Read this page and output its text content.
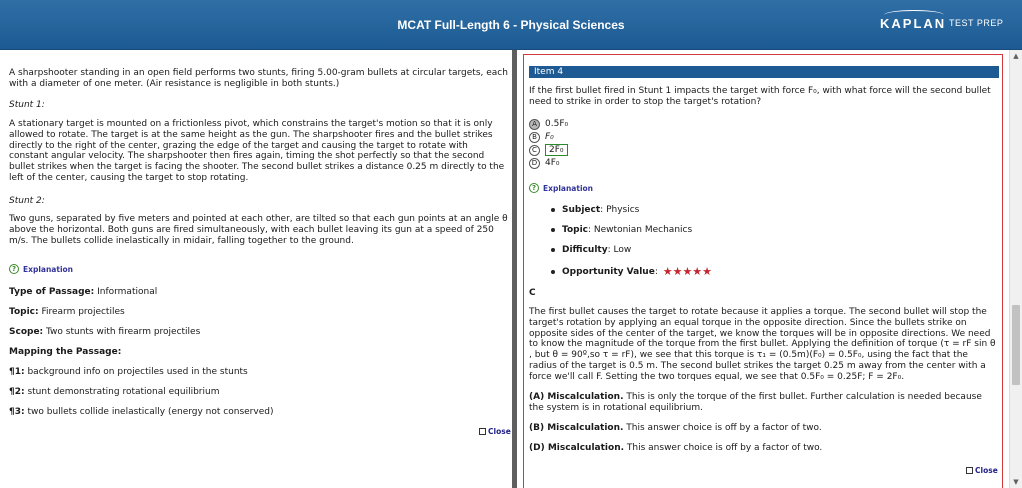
MCAT Full-Length 6 - Physical Sciences	KAPLAN TEST PREP

A sharpshooter standing in an open field performs two stunts, firing 5.00-gram bullets at circular targets, each with a diameter of one meter. (Air resistance is negligible in both stunts.)

Stunt 1:

A stationary target is mounted on a frictionless pivot, which constrains the target's motion so that it is only allowed to rotate. The target is at the same height as the gun. The sharpshooter fires and the bullet strikes directly to the right of the center, grazing the edge of the target and causing the target to rotate with constant angular velocity. The sharpshooter then fires again, timing the shot perfectly so that the second bullet strikes when the target is facing the shooter. The second bullet strikes a distance 0.25 m directly to the left of the center, causing the target to stop rotating.

Stunt 2:

Two guns, separated by five meters and pointed at each other, are tilted so that each gun points at an angle θ above the horizontal. Both guns are fired simultaneously, with each bullet leaving its gun at a speed of 250 m/s. The bullets collide inelastically in midair, falling together to the ground.

? Explanation
Type of Passage: Informational
Topic: Firearm projectiles
Scope: Two stunts with firearm projectiles
Mapping the Passage:
¶1: background info on projectiles used in the stunts
¶2: stunt demonstrating rotational equilibrium
¶3: two bullets collide inelastically (energy not conserved)
Close
Item 4

If the first bullet fired in Stunt 1 impacts the target with force F₀, with what force will the second bullet need to strike in order to stop the target's rotation?

A 0.5F₀
B F₀
C	2F₀
D 4F₀
? Explanation
Subject : Physics
Topic : Newtonian Mechanics
Difficulty : Low
Opportunity Value : ★★★★★
C

The first bullet causes the target to rotate because it applies a torque. The second bullet will stop the target's rotation by applying an equal torque in the opposite direction. Since the bullets strike on opposite sides of the center of the target, we know the torques will be in opposite directions. We need to know the magnitude of the torque from the first bullet. Applying the definition of torque (τ = rF sin θ , but θ = 90º,so τ = rF), we see that this torque is τ₁ = (0.5m)(F₀) = 0.5F₀, using the fact that the radius of the target is 0.5 m. The second bullet strikes the target 0.25 m away from the center with a force we'll call F. Setting the two torques equal, we see that 0.5F₀ = 0.25F; F = 2F₀.

(A) Miscalculation. This is only the torque of the first bullet. Further calculation is needed because the system is in rotational equilibrium.

(B) Miscalculation. This answer choice is off by a factor of two.

(D) Miscalculation. This answer choice is off by a factor of two.

Close
▲
▼
